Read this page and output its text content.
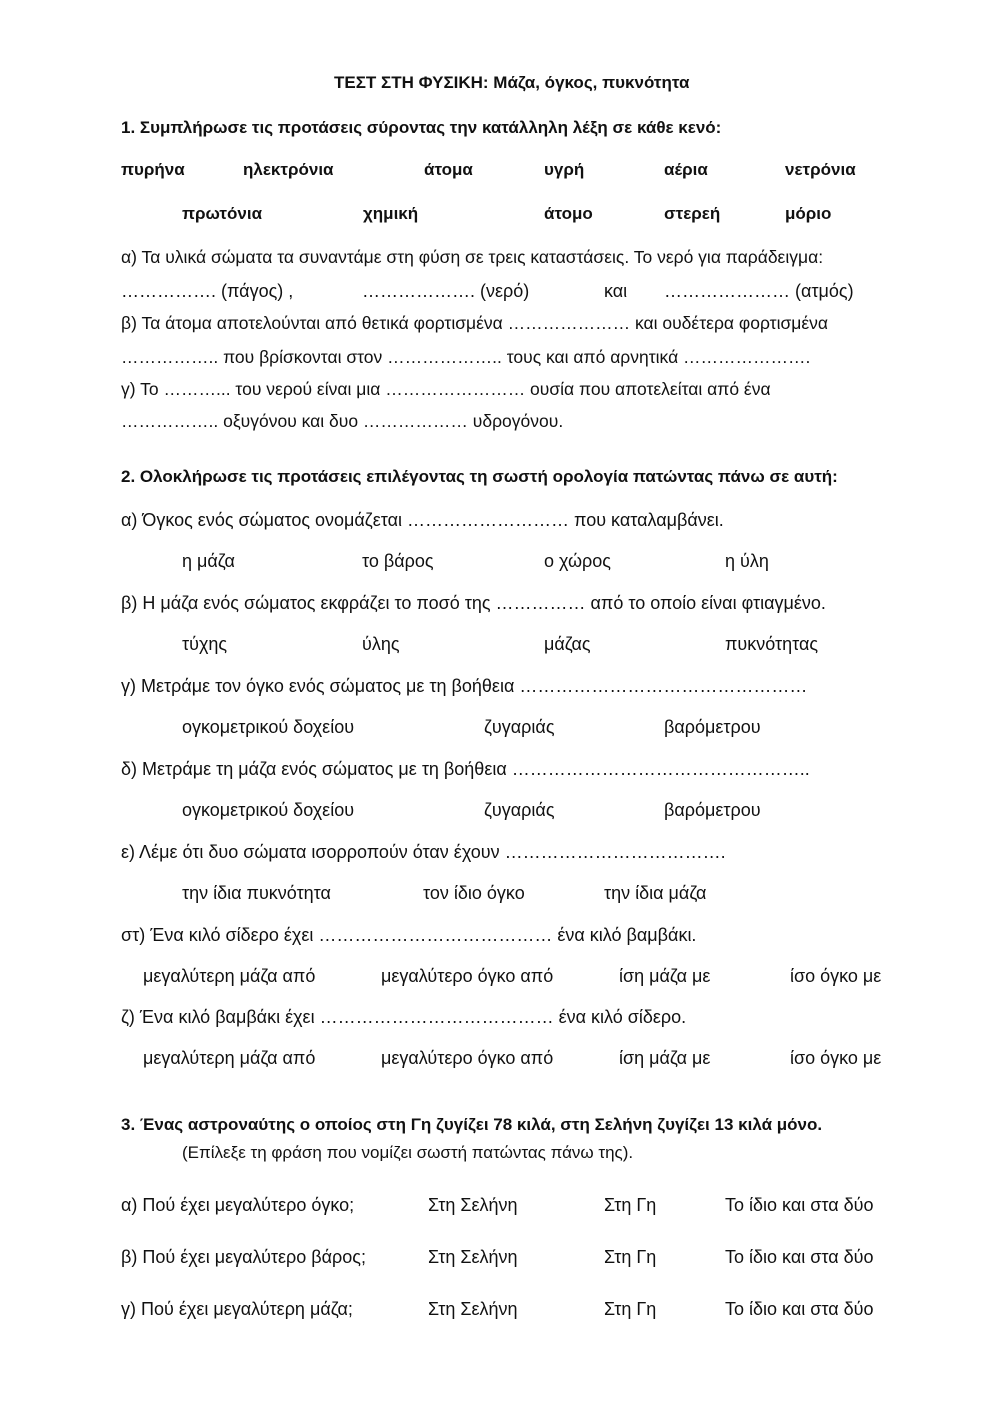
ΤΕΣΤ ΣΤΗ ΦΥΣΙΚΗ: Μάζα, όγκος, πυκνότητα
1. Συμπλήρωσε τις προτάσεις σύροντας την κατάλληλη λέξη σε κάθε κενό:
πυρήνα	ηλεκτρόνια	άτομα	υγρή	αέρια	νετρόνια
πρωτόνια	χημική	άτομο	στερεή	μόριο
α) Τα υλικά σώματα τα συναντάμε στη φύση σε τρεις καταστάσεις. Το νερό για παράδειγμα:
……………. (πάγος) ,	………………. (νερό)	και ………………… (ατμός)
β) Τα άτομα αποτελούνται από θετικά φορτισμένα ………………… και ουδέτερα φορτισμένα
…………….. που βρίσκονται στον ……………….. τους και από αρνητικά ………………….
γ) Το ………... του νερού είναι μια …………………… ουσία που αποτελείται από ένα
…………….. οξυγόνου και δυο ……………… υδρογόνου.
2. Ολοκλήρωσε τις προτάσεις επιλέγοντας τη σωστή ορολογία πατώντας πάνω σε αυτή:
α) Όγκος ενός σώματος ονομάζεται ……………………… που καταλαμβάνει.
η μάζα	το βάρος	ο χώρος	η ύλη
β) Η μάζα ενός σώματος εκφράζει το ποσό της …………… από το οποίο είναι φτιαγμένο.
τύχης	ύλης	μάζας	πυκνότητας
γ) Μετράμε τον όγκο ενός σώματος με τη βοήθεια …………………………………………
ογκομετρικού δοχείου	ζυγαριάς	βαρόμετρου
δ) Μετράμε τη μάζα ενός σώματος με τη βοήθεια …………………………………………..
ογκομετρικού δοχείου	ζυγαριάς	βαρόμετρου
ε) Λέμε ότι δυο σώματα ισορροπούν όταν έχουν ……………………………….
την ίδια πυκνότητα	τον ίδιο όγκο	την ίδια μάζα
στ) Ένα κιλό σίδερο έχει ………………………………… ένα κιλό βαμβάκι.
μεγαλύτερη μάζα από	μεγαλύτερο όγκο από	ίση μάζα με	ίσο όγκο με
ζ) Ένα κιλό βαμβάκι έχει ………………………………… ένα κιλό σίδερο.
μεγαλύτερη μάζα από	μεγαλύτερο όγκο από	ίση μάζα με	ίσο όγκο με
3. Ένας αστροναύτης ο οποίος στη Γη ζυγίζει 78 κιλά, στη Σελήνη ζυγίζει 13 κιλά μόνο.
(Επίλεξε τη φράση που νομίζει σωστή πατώντας πάνω της).
α) Πού έχει μεγαλύτερο όγκο;	Στη Σελήνη	Στη Γη	Το ίδιο και στα δύο
β) Πού έχει μεγαλύτερο βάρος;	Στη Σελήνη	Στη Γη	Το ίδιο και στα δύο
γ) Πού έχει μεγαλύτερη μάζα;	Στη Σελήνη	Στη Γη	Το ίδιο και στα δύο
